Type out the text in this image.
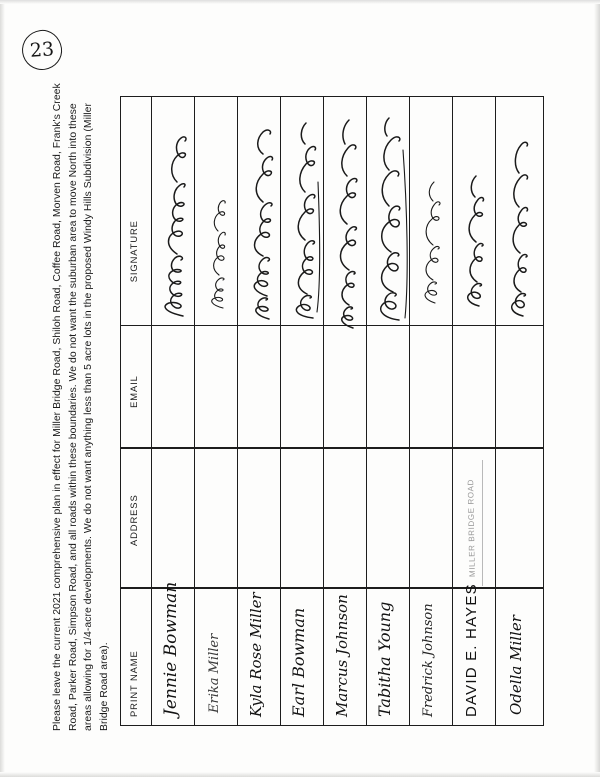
23
Please leave the current 2021 comprehensive plan in effect for Miller Bridge Road, Shiloh Road, Coffee Road, Morven Road, Frank's Creek Road, Parker Road, Simpson Road, and all roads within these boundaries. We do not want the suburban area to move North into these areas allowing for 1/4-acre developments. We do not want anything less than 5 acre lots in the proposed Windy Hills Subdivision (Miller Bridge Road area). PRINT NAME
ADDRESS
EMAIL
SIGNATURE
Jennie Bowman Erika Miller Kyla Rose Miller Earl Bowman Marcus Johnson Tabitha Young Fredrick Johnson DAVID E. HAYES Odella Miller
MILLER BRIDGE ROAD
